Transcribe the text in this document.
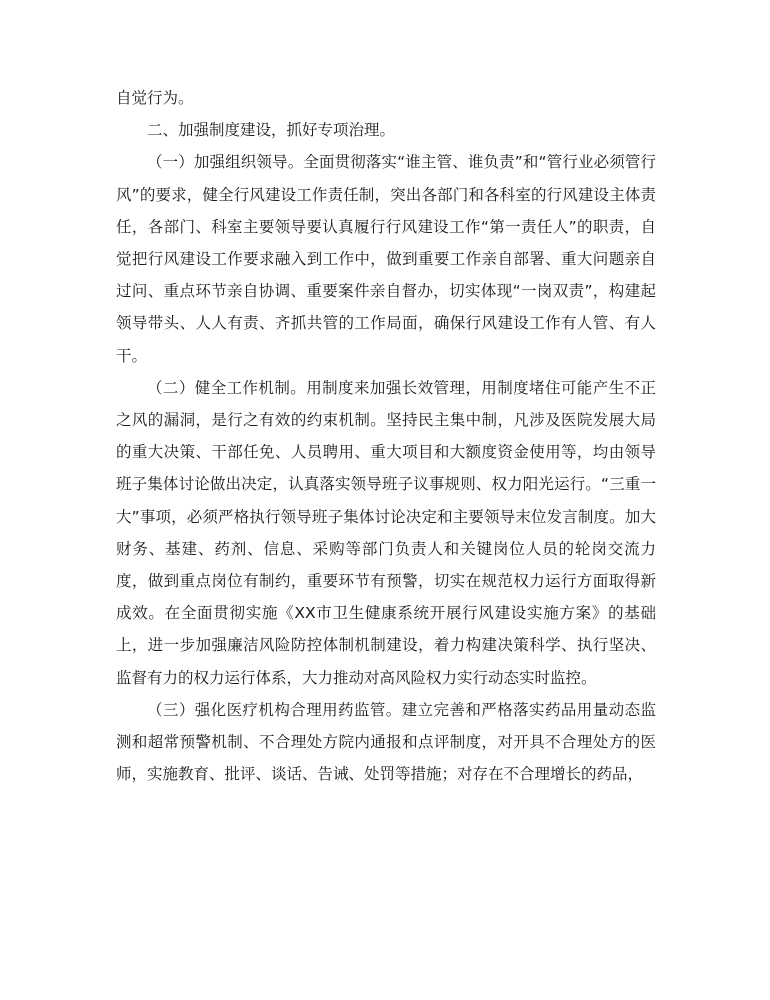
自觉行为。

二、加强制度建设，抓好专项治理。

（一）加强组织领导。全面贯彻落实“谁主管、谁负责”和“管行业必须管行风”的要求，健全行风建设工作责任制，突出各部门和各科室的行风建设主体责任，各部门、科室主要领导要认真履行行风建设工作“第一责任人”的职责，自觉把行风建设工作要求融入到工作中，做到重要工作亲自部署、重大问题亲自过问、重点环节亲自协调、重要案件亲自督办，切实体现“一岗双责”，构建起领导带头、人人有责、齐抓共管的工作局面，确保行风建设工作有人管、有人干。

（二）健全工作机制。用制度来加强长效管理，用制度堵住可能产生不正之风的漏洞，是行之有效的约束机制。坚持民主集中制，凡涉及医院发展大局的重大决策、干部任免、人员聘用、重大项目和大额度资金使用等，均由领导班子集体讨论做出决定，认真落实领导班子议事规则、权力阳光运行。“三重一大”事项，必须严格执行领导班子集体讨论决定和主要领导末位发言制度。加大财务、基建、药剂、信息、采购等部门负责人和关键岗位人员的轮岗交流力度，做到重点岗位有制约，重要环节有预警，切实在规范权力运行方面取得新成效。在全面贯彻实施《XX市卫生健康系统开展行风建设实施方案》的基础上，进一步加强廉洁风险防控体制机制建设，着力构建决策科学、执行坚决、监督有力的权力运行体系，大力推动对高风险权力实行动态实时监控。

（三）强化医疗机构合理用药监管。建立完善和严格落实药品用量动态监测和超常预警机制、不合理处方院内通报和点评制度，对开具不合理处方的医师，实施教育、批评、谈话、告诫、处罚等措施；对存在不合理增长的药品，
